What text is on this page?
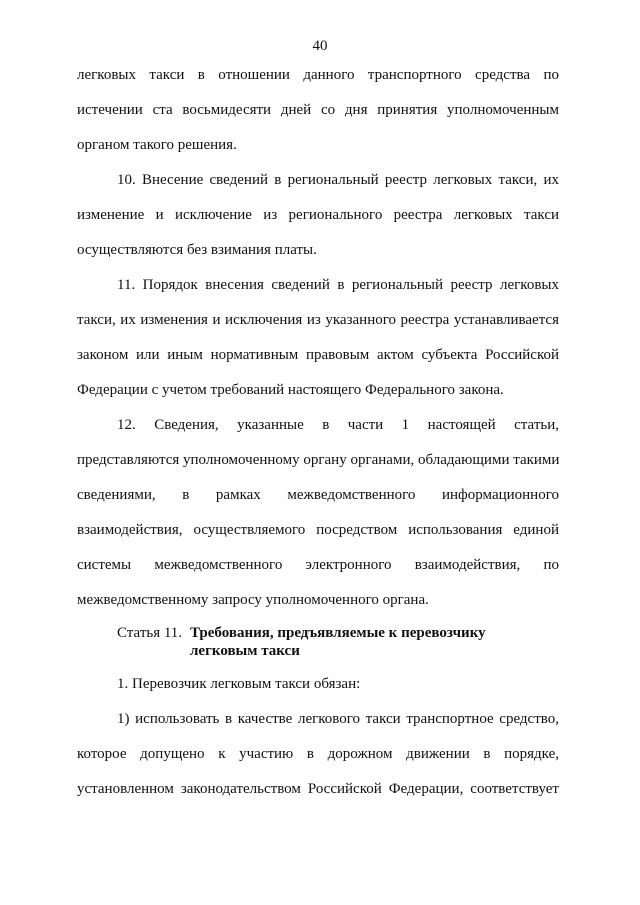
40
легковых такси в отношении данного транспортного средства по
истечении ста восьмидесяти дней со дня принятия уполномоченным
органом такого решения.
10. Внесение сведений в региональный реестр легковых такси, их
изменение и исключение из регионального реестра легковых такси
осуществляются без взимания платы.
11. Порядок внесения сведений в региональный реестр легковых
такси, их изменения и исключения из указанного реестра устанавливается
законом или иным нормативным правовым актом субъекта Российской
Федерации с учетом требований настоящего Федерального закона.
12. Сведения, указанные в части 1 настоящей статьи,
представляются уполномоченному органу органами, обладающими такими
сведениями, в рамках межведомственного информационного
взаимодействия, осуществляемого посредством использования единой
системы межведомственного электронного взаимодействия, по
межведомственному запросу уполномоченного органа.
Статья 11. Требования, предъявляемые к перевозчику
легковым такси
1. Перевозчик легковым такси обязан:
1) использовать в качестве легкового такси транспортное средство,
которое допущено к участию в дорожном движении в порядке,
установленном законодательством Российской Федерации, соответствует
